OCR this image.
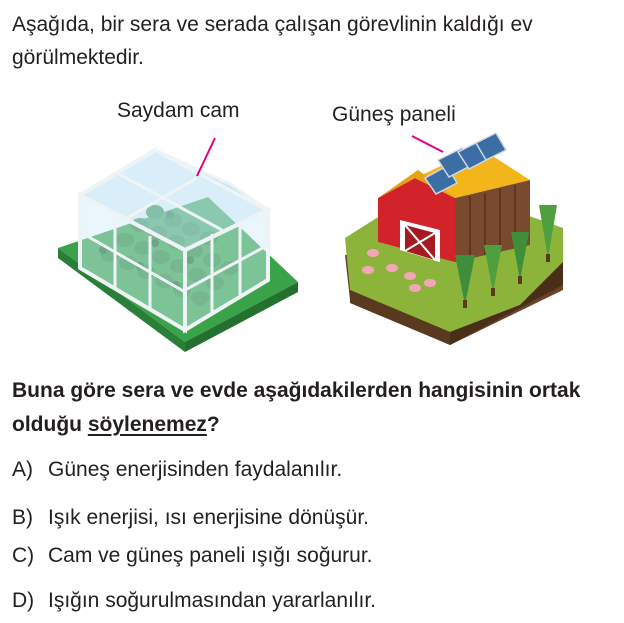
Aşağıda, bir sera ve serada çalışan görevlinin kaldığı ev görülmektedir.
Saydam cam	Güneş paneli
Buna göre sera ve evde aşağıdakilerden hangisinin ortak olduğu söylenemez?
A) Güneş enerjisinden faydalanılır.
B) Işık enerjisi, ısı enerjisine dönüşür.
C) Cam ve güneş paneli ışığı soğurur.
D) Işığın soğurulmasından yararlanılır.
